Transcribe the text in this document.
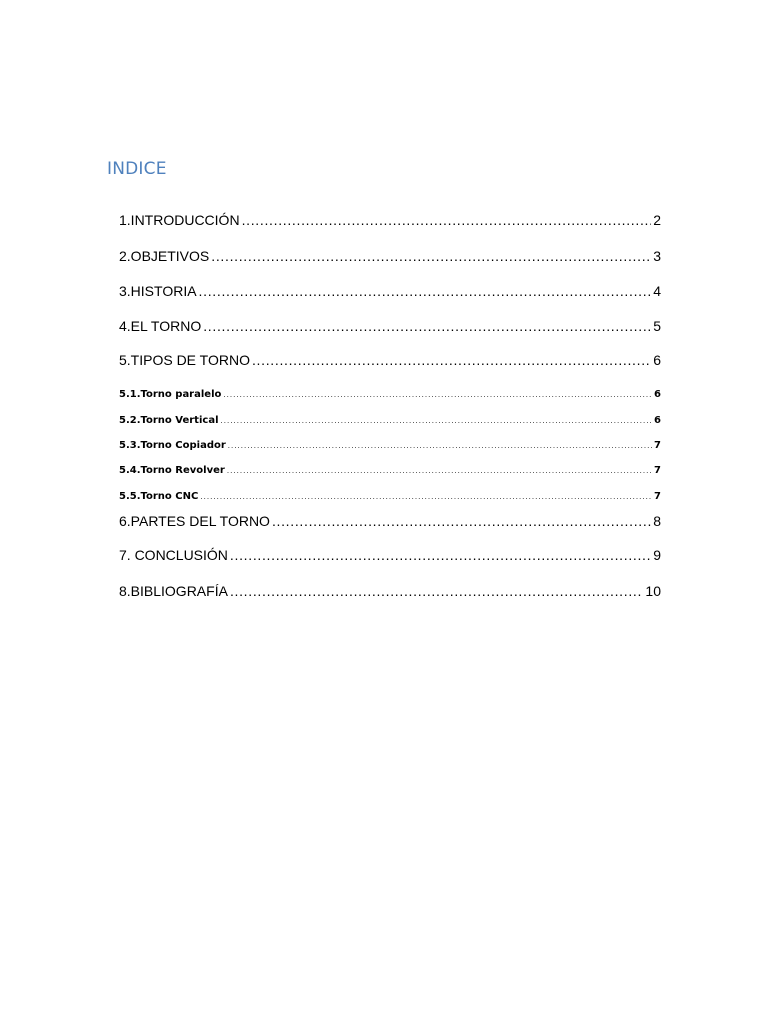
INDICE
1.INTRODUCCIÓN . . .	2
2.OBJETIVOS . . .	3
3.HISTORIA . . .	4
4.EL TORNO . . .	5
5.TIPOS DE TORNO . . .	6
5.1.Torno paralelo . . .	6
5.2.Torno Vertical . . .	6
5.3.Torno Copiador . . .	7
5.4.Torno Revolver . . .	7
5.5.Torno CNC . . .	7
6.PARTES DEL TORNO . . .	8
7. CONCLUSIÓN . . .	9
8.BIBLIOGRAFÍA . . .	10
